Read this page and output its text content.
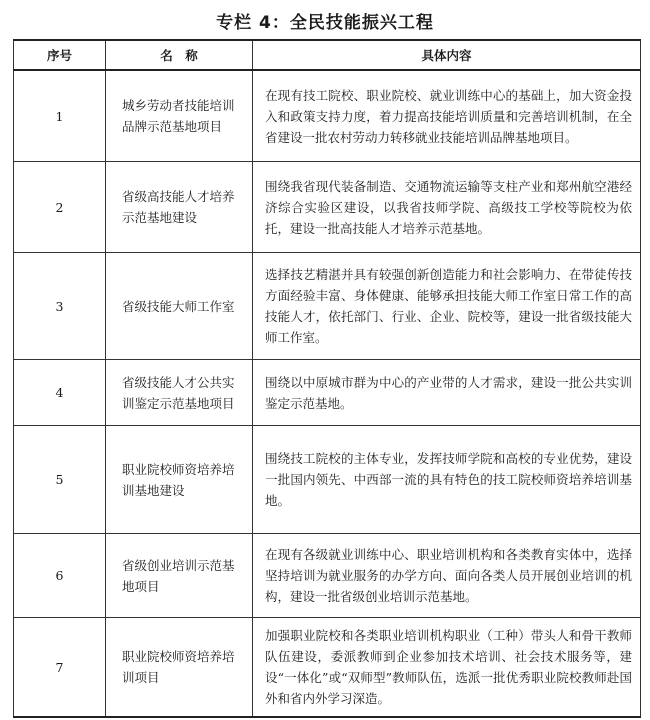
专栏 4：全民技能振兴工程
序号	名　称	具体内容
1	城乡劳动者技能培训品牌示范基地项目	在现有技工院校、职业院校、就业训练中心的基础上，加大资金投入和政策支持力度，着力提高技能培训质量和完善培训机制，在全省建设一批农村劳动力转移就业技能培训品牌基地项目。
2	省级高技能人才培养示范基地建设	围绕我省现代装备制造、交通物流运输等支柱产业和郑州航空港经济综合实验区建设，以我省技师学院、高级技工学校等院校为依托，建设一批高技能人才培养示范基地。
3	省级技能大师工作室	选择技艺精湛并具有较强创新创造能力和社会影响力、在带徒传技方面经验丰富、身体健康、能够承担技能大师工作室日常工作的高技能人才，依托部门、行业、企业、院校等，建设一批省级技能大师工作室。
4	省级技能人才公共实训鉴定示范基地项目	围绕以中原城市群为中心的产业带的人才需求，建设一批公共实训鉴定示范基地。
5	职业院校师资培养培训基地建设	围绕技工院校的主体专业，发挥技师学院和高校的专业优势，建设一批国内领先、中西部一流的具有特色的技工院校师资培养培训基地。
6	省级创业培训示范基地项目	在现有各级就业训练中心、职业培训机构和各类教育实体中，选择坚持培训为就业服务的办学方向、面向各类人员开展创业培训的机构，建设一批省级创业培训示范基地。
7	职业院校师资培养培训项目	加强职业院校和各类职业培训机构职业（工种）带头人和骨干教师队伍建设，委派教师到企业参加技术培训、社会技术服务等，建设“一体化”或“双师型”教师队伍，选派一批优秀职业院校教师赴国外和省内外学习深造。
